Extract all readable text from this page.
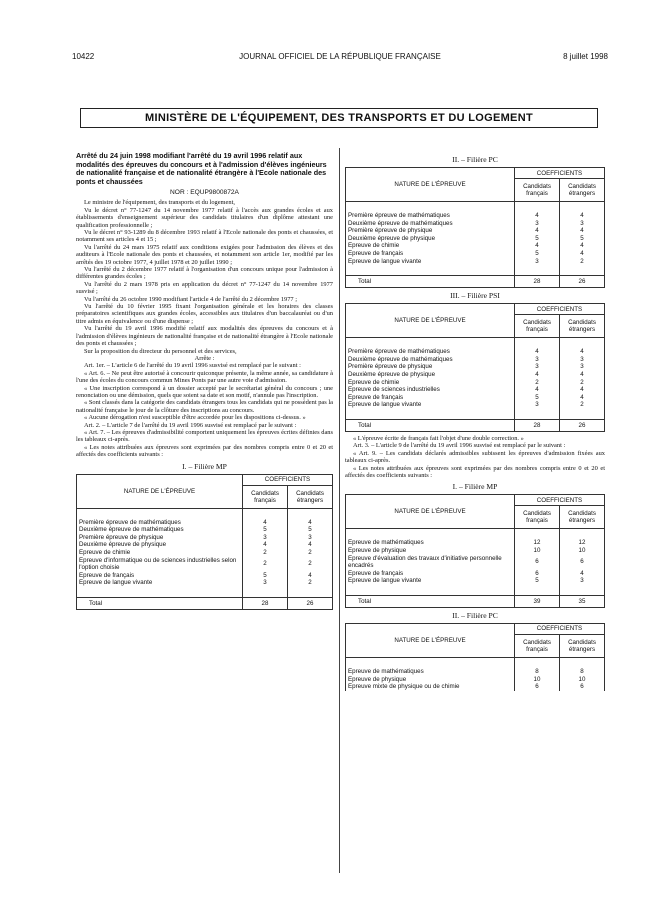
10422	JOURNAL OFFICIEL DE LA RÉPUBLIQUE FRANÇAISE	8 juillet 1998
MINISTÈRE DE L'ÉQUIPEMENT, DES TRANSPORTS ET DU LOGEMENT
Arrêté du 24 juin 1998 modifiant l'arrêté du 19 avril 1996 relatif aux modalités des épreuves du concours et à l'admission d'élèves ingénieurs de nationalité française et de nationalité étrangère à l'Ecole nationale des ponts et chaussées
NOR : EQUP9800872A

Le ministre de l'équipement, des transports et du logement,

Vu le décret n° 77-1247 du 14 novembre 1977 relatif à l'accès aux grandes écoles et aux établissements d'enseignement supérieur des candidats titulaires d'un diplôme attestant une qualification professionnelle ;

Vu le décret n° 93-1289 du 8 décembre 1993 relatif à l'Ecole nationale des ponts et chaussées, et notamment ses articles 4 et 15 ;

Vu l'arrêté du 24 mars 1975 relatif aux conditions exigées pour l'admission des élèves et des auditeurs à l'Ecole nationale des ponts et chaussées, et notamment son article 1er, modifié par les arrêtés des 19 octobre 1977, 4 juillet 1978 et 20 juillet 1990 ;

Vu l'arrêté du 2 décembre 1977 relatif à l'organisation d'un concours unique pour l'admission à différentes grandes écoles ;

Vu l'arrêté du 2 mars 1978 pris en application du décret n° 77-1247 du 14 novembre 1977 susvisé ;

Vu l'arrêté du 26 octobre 1990 modifiant l'article 4 de l'arrêté du 2 décembre 1977 ;

Vu l'arrêté du 10 février 1995 fixant l'organisation générale et les horaires des classes préparatoires scientifiques aux grandes écoles, accessibles aux titulaires d'un baccalauréat ou d'un titre admis en équivalence ou d'une dispense ;

Vu l'arrêté du 19 avril 1996 modifié relatif aux modalités des épreuves du concours et à l'admission d'élèves ingénieurs de nationalité française et de nationalité étrangère à l'Ecole nationale des ponts et chaussées ;

Sur la proposition du directeur du personnel et des services,

Arrête :

Art. 1er. – L'article 6 de l'arrêté du 19 avril 1996 susvisé est remplacé par le suivant :

« Art. 6. – Ne peut être autorisé à concourir quiconque présente, la même année, sa candidature à l'une des écoles du concours commun Mines Ponts par une autre voie d'admission.

« Une inscription correspond à un dossier accepté par le secrétariat général du concours ; une renonciation ou une démission, quels que soient sa date et son motif, n'annule pas l'inscription.

« Sont classés dans la catégorie des candidats étrangers tous les candidats qui ne possèdent pas la nationalité française le jour de la clôture des inscriptions au concours.

« Aucune dérogation n'est susceptible d'être accordée pour les dispositions ci-dessus. »

Art. 2. – L'article 7 de l'arrêté du 19 avril 1996 susvisé est remplacé par le suivant :

« Art. 7. – Les épreuves d'admissibilité comportent uniquement les épreuves écrites définies dans les tableaux ci-après.

« Les notes attribuées aux épreuves sont exprimées par des nombres compris entre 0 et 20 et affectés des coefficients suivants :

I. – Filière MP
NATURE DE L'ÉPREUVE	COEFFICIENTS	
	Candidats français	Candidats étrangers

Première épreuve de mathématiques	4	4
Deuxième épreuve de mathématiques	5	5
Première épreuve de physique	3	3
Deuxième épreuve de physique	4	4
Epreuve de chimie	2	2
Epreuve d'informatique ou de sciences industrielles selon l'option choisie	2	2
Epreuve de français	5	4
Epreuve de langue vivante	3	2

Total	28	26
II. – Filière PC
NATURE DE L'ÉPREUVE	COEFFICIENTS	
	Candidats français	Candidats étrangers

Première épreuve de mathématiques	4	4
Deuxième épreuve de mathématiques	3	3
Première épreuve de physique	4	4
Deuxième épreuve de physique	5	5
Epreuve de chimie	4	4
Epreuve de français	5	4
Epreuve de langue vivante	3	2

Total	28	26
III. – Filière PSI
NATURE DE L'ÉPREUVE	COEFFICIENTS	
	Candidats français	Candidats étrangers

Première épreuve de mathématiques	4	4
Deuxième épreuve de mathématiques	3	3
Première épreuve de physique	3	3
Deuxième épreuve de physique	4	4
Epreuve de chimie	2	2
Epreuve de sciences industrielles	4	4
Epreuve de français	5	4
Epreuve de langue vivante	3	2

Total	28	26

« L'épreuve écrite de français fait l'objet d'une double correction. »

Art. 3. – L'article 9 de l'arrêté du 19 avril 1996 susvisé est remplacé par le suivant :

« Art. 9. – Les candidats déclarés admissibles subissent les épreuves d'admission fixées aux tableaux ci-après.

« Les notes attribuées aux épreuves sont exprimées par des nombres compris entre 0 et 20 et affectés des coefficients suivants :

I. – Filière MP
NATURE DE L'ÉPREUVE	COEFFICIENTS	
	Candidats français	Candidats étrangers

Epreuve de mathématiques	12	12
Epreuve de physique	10	10
Epreuve d'évaluation des travaux d'initiative personnelle encadrés	6	6
Epreuve de français	6	4
Epreuve de langue vivante	5	3

Total	39	35
II. – Filière PC
NATURE DE L'ÉPREUVE	COEFFICIENTS	
	Candidats français	Candidats étrangers

Epreuve de mathématiques	8	8
Epreuve de physique	10	10
Epreuve mixte de physique ou de chimie	6	6
